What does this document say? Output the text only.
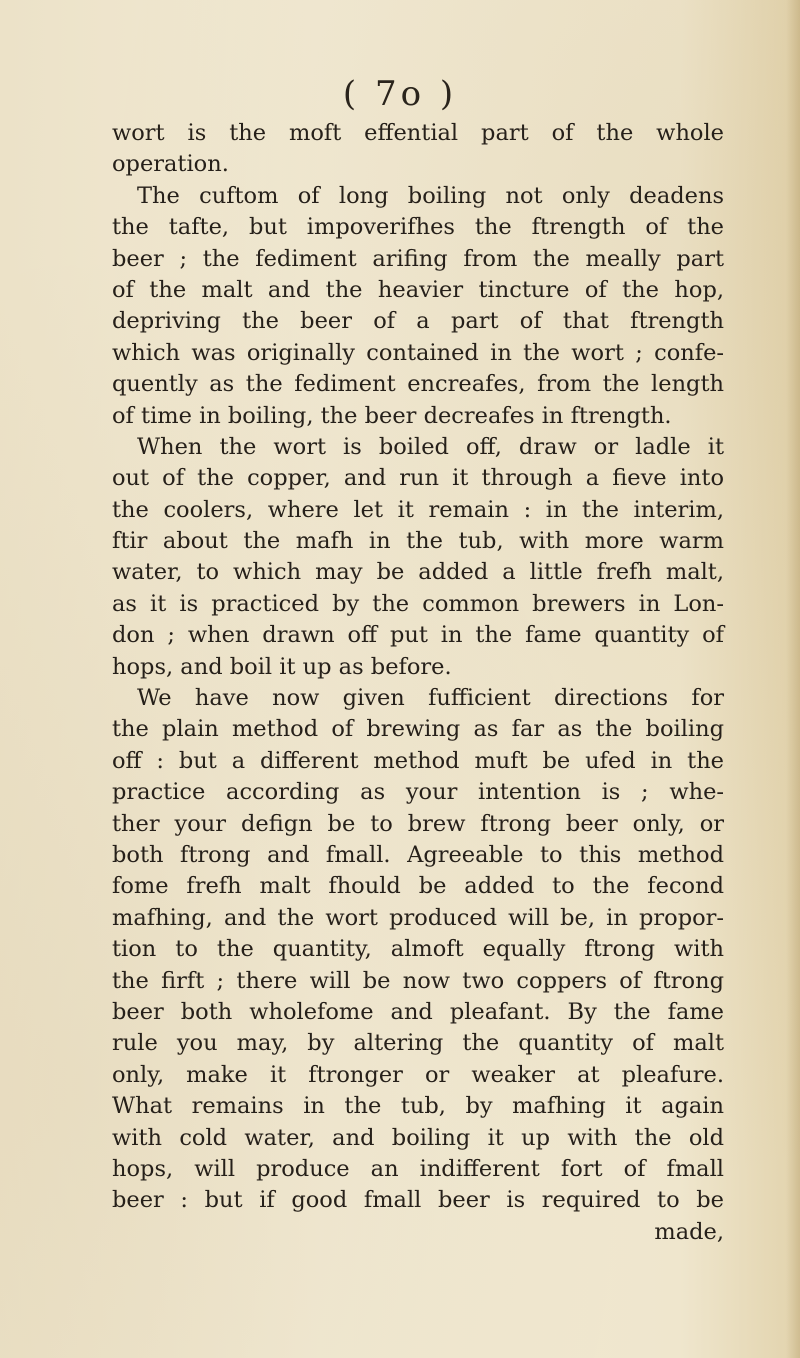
( 7o )
wort is the moft effential part of the whole
operation.
The cuftom of long boiling not only deadens
the tafte, but impoverifhes the ftrength of the
beer ; the fediment arifing from the meally part
of the malt and the heavier tincture of the hop,
depriving the beer of a part of that ftrength
which was originally contained in the wort ; confe-
quently as the fediment encreafes, from the length
of time in boiling, the beer decreafes in ftrength.
When the wort is boiled off, draw or ladle it
out of the copper, and run it through a fieve into
the coolers, where let it remain : in the interim,
ftir about the mafh in the tub, with more warm
water, to which may be added a little frefh malt,
as it is practiced by the common brewers in Lon-
don ; when drawn off put in the fame quantity of
hops, and boil it up as before.
We have now given fufficient directions for
the plain method of brewing as far as the boiling
off : but a different method muft be ufed in the
practice according as your intention is ; whe-
ther your defign be to brew ftrong beer only, or
both ftrong and fmall. Agreeable to this method
fome frefh malt fhould be added to the fecond
mafhing, and the wort produced will be, in propor-
tion to the quantity, almoft equally ftrong with
the firft ; there will be now two coppers of ftrong
beer both wholefome and pleafant. By the fame
rule you may, by altering the quantity of malt
only, make it ftronger or weaker at pleafure.
What remains in the tub, by mafhing it again
with cold water, and boiling it up with the old
hops, will produce an indifferent fort of fmall
beer : but if good fmall beer is required to be
made,
